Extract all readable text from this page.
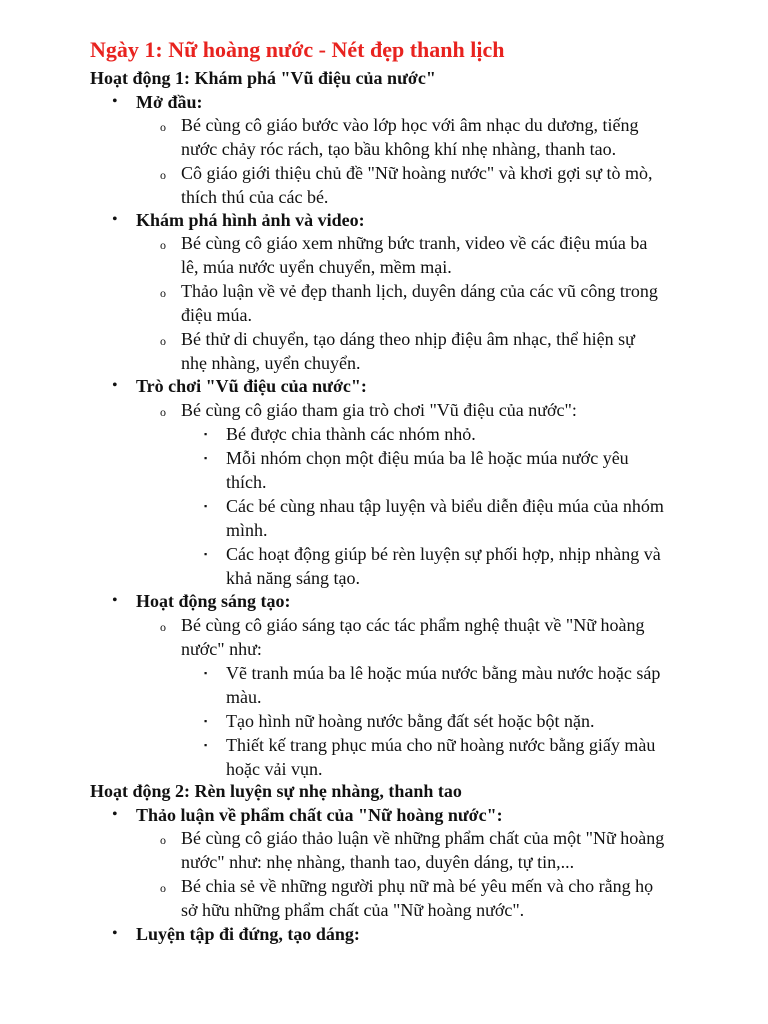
Ngày 1: Nữ hoàng nước - Nét đẹp thanh lịch
Hoạt động 1: Khám phá "Vũ điệu của nước"
• Mở đầu:
o Bé cùng cô giáo bước vào lớp học với âm nhạc du dương, tiếng
nước chảy róc rách, tạo bầu không khí nhẹ nhàng, thanh tao.
o Cô giáo giới thiệu chủ đề "Nữ hoàng nước" và khơi gợi sự tò mò,
thích thú của các bé.
• Khám phá hình ảnh và video:
o Bé cùng cô giáo xem những bức tranh, video về các điệu múa ba
lê, múa nước uyển chuyển, mềm mại.
o Thảo luận về vẻ đẹp thanh lịch, duyên dáng của các vũ công trong
điệu múa.
o Bé thử di chuyển, tạo dáng theo nhịp điệu âm nhạc, thể hiện sự
nhẹ nhàng, uyển chuyển.
• Trò chơi "Vũ điệu của nước":
o Bé cùng cô giáo tham gia trò chơi "Vũ điệu của nước":
▪ Bé được chia thành các nhóm nhỏ.
▪ Mỗi nhóm chọn một điệu múa ba lê hoặc múa nước yêu
thích.
▪ Các bé cùng nhau tập luyện và biểu diễn điệu múa của nhóm
mình.
▪ Các hoạt động giúp bé rèn luyện sự phối hợp, nhịp nhàng và
khả năng sáng tạo.
• Hoạt động sáng tạo:
o Bé cùng cô giáo sáng tạo các tác phẩm nghệ thuật về "Nữ hoàng
nước" như:
▪ Vẽ tranh múa ba lê hoặc múa nước bằng màu nước hoặc sáp
màu.
▪ Tạo hình nữ hoàng nước bằng đất sét hoặc bột nặn.
▪ Thiết kế trang phục múa cho nữ hoàng nước bằng giấy màu
hoặc vải vụn.
Hoạt động 2: Rèn luyện sự nhẹ nhàng, thanh tao
• Thảo luận về phẩm chất của "Nữ hoàng nước":
o Bé cùng cô giáo thảo luận về những phẩm chất của một "Nữ hoàng
nước" như: nhẹ nhàng, thanh tao, duyên dáng, tự tin,...
o Bé chia sẻ về những người phụ nữ mà bé yêu mến và cho rằng họ
sở hữu những phẩm chất của "Nữ hoàng nước".
• Luyện tập đi đứng, tạo dáng:
